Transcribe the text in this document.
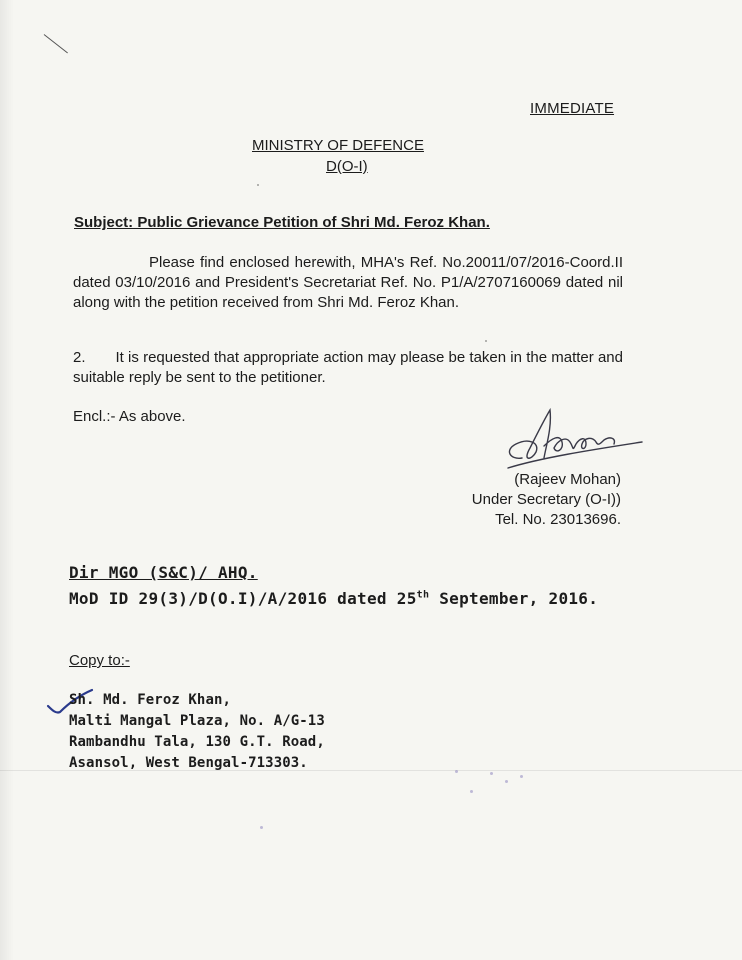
IMMEDIATE
MINISTRY OF DEFENCE
D(O-I)
Subject: Public Grievance Petition of Shri Md. Feroz Khan.
Please find enclosed herewith, MHA's Ref. No.20011/07/2016-Coord.II dated 03/10/2016 and President's Secretariat Ref. No. P1/A/2707160069 dated nil along with the petition received from Shri Md. Feroz Khan.
2. It is requested that appropriate action may please be taken in the matter and suitable reply be sent to the petitioner.
Encl.:- As above.
(Rajeev Mohan)
Under Secretary (O-I))
Tel. No. 23013696.
Dir MGO (S&C)/ AHQ.
MoD ID 29(3)/D(O.I)/A/2016 dated 25th September, 2016.
Copy to:-
Sh. Md. Feroz Khan,
Malti Mangal Plaza, No. A/G-13
Rambandhu Tala, 130 G.T. Road,
Asansol, West Bengal-713303.
